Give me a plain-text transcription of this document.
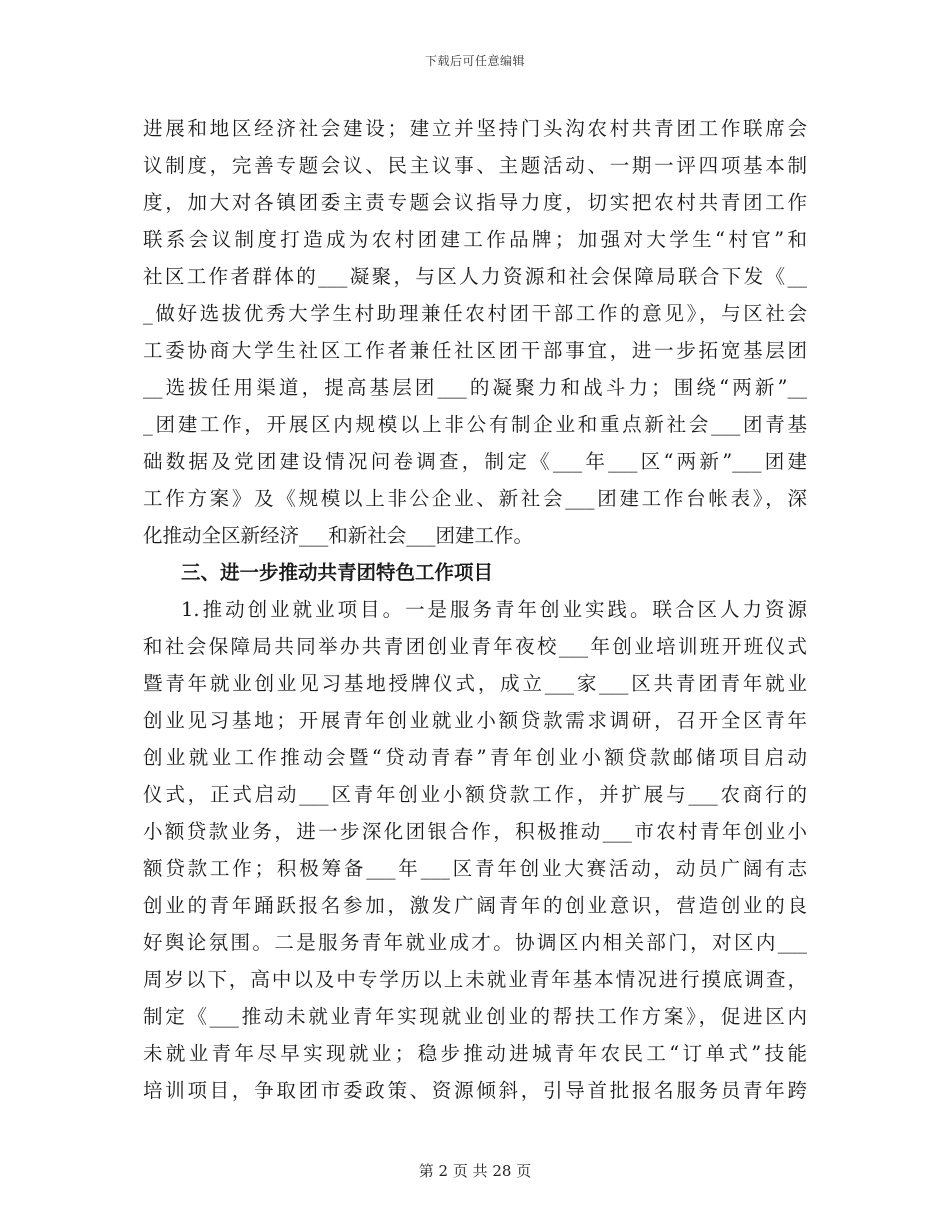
下载后可任意编辑
进展和地区经济社会建设；建立并坚持门头沟农村共青团工作联席会
议制度，完善专题会议、民主议事、主题活动、一期一评四项基本制
度，加大对各镇团委主责专题会议指导力度，切实把农村共青团工作
联系会议制度打造成为农村团建工作品牌；加强对大学生“村官”和
社区工作者群体的___凝聚，与区人力资源和社会保障局联合下发《__
_做好选拔优秀大学生村助理兼任农村团干部工作的意见》，与区社会
工委协商大学生社区工作者兼任社区团干部事宜，进一步拓宽基层团
__选拔任用渠道，提高基层团___的凝聚力和战斗力；围绕“两新”__
_团建工作，开展区内规模以上非公有制企业和重点新社会___团青基
础数据及党团建设情况问卷调查，制定《___年___区“两新”___团建
工作方案》及《规模以上非公企业、新社会___团建工作台帐表》，深
化推动全区新经济___和新社会___团建工作。
三、进一步推动共青团特色工作项目
1.推动创业就业项目。一是服务青年创业实践。联合区人力资源
和社会保障局共同举办共青团创业青年夜校___年创业培训班开班仪式
暨青年就业创业见习基地授牌仪式，成立___家___区共青团青年就业
创业见习基地；开展青年创业就业小额贷款需求调研，召开全区青年
创业就业工作推动会暨“贷动青春”青年创业小额贷款邮储项目启动
仪式，正式启动___区青年创业小额贷款工作，并扩展与___农商行的
小额贷款业务，进一步深化团银合作，积极推动___市农村青年创业小
额贷款工作；积极筹备___年___区青年创业大赛活动，动员广阔有志
创业的青年踊跃报名参加，激发广阔青年的创业意识，营造创业的良
好舆论氛围。二是服务青年就业成才。协调区内相关部门，对区内___
周岁以下，高中以及中专学历以上未就业青年基本情况进行摸底调查，
制定《___推动未就业青年实现就业创业的帮扶工作方案》，促进区内
未就业青年尽早实现就业；稳步推动进城青年农民工“订单式”技能
培训项目，争取团市委政策、资源倾斜，引导首批报名服务员青年跨
第 2 页 共 28 页
